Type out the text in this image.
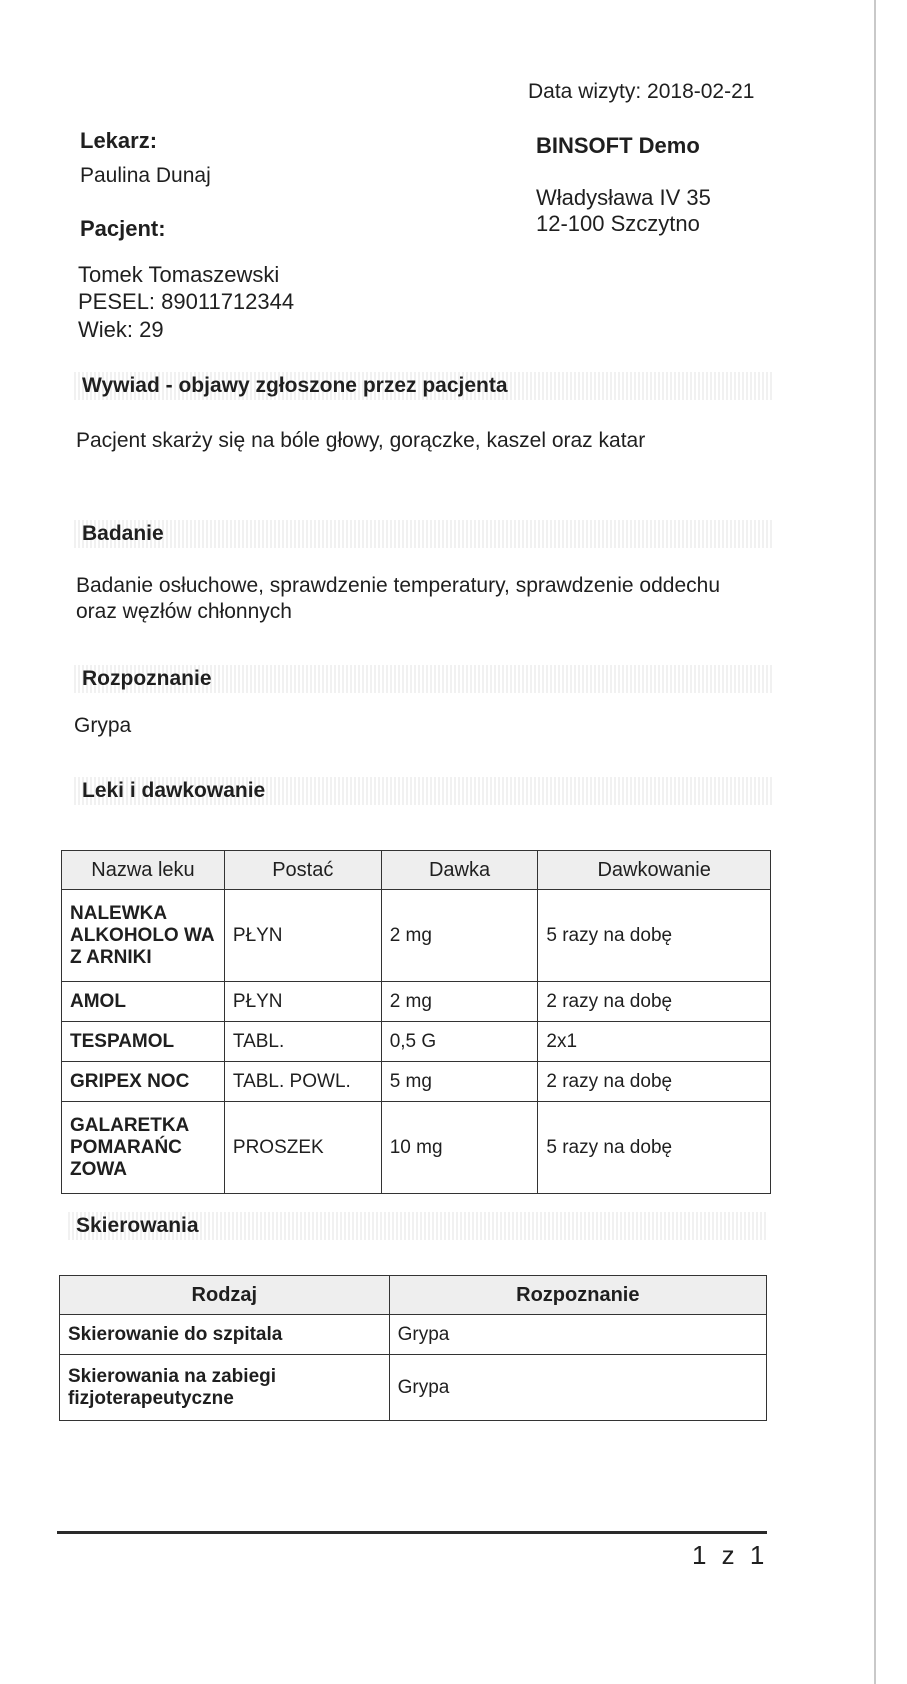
Data wizyty: 2018-02-21
Lekarz:
Paulina Dunaj
Pacjent:
Tomek Tomaszewski
PESEL: 89011712344
Wiek: 29
BINSOFT Demo
Władysława IV 35
12-100 Szczytno
Wywiad - objawy zgłoszone przez pacjenta
Pacjent skarży się na bóle głowy, gorączke, kaszel oraz katar
Badanie
Badanie osłuchowe, sprawdzenie temperatury, sprawdzenie oddechu oraz węzłów chłonnych
Rozpoznanie
Grypa
Leki i dawkowanie
Nazwa leku	Postać	Dawka	Dawkowanie
NALEWKA ALKOHOLO WA Z ARNIKI	PŁYN	2 mg	5 razy na dobę
AMOL	PŁYN	2 mg	2 razy na dobę
TESPAMOL	TABL.	0,5 G	2x1
GRIPEX NOC	TABL. POWL.	5 mg	2 razy na dobę
GALARETKA POMARAŃC ZOWA	PROSZEK	10 mg	5 razy na dobę
Skierowania
Rodzaj	Rozpoznanie
Skierowanie do szpitala	Grypa
Skierowania na zabiegi fizjoterapeutyczne	Grypa
1 z 1
